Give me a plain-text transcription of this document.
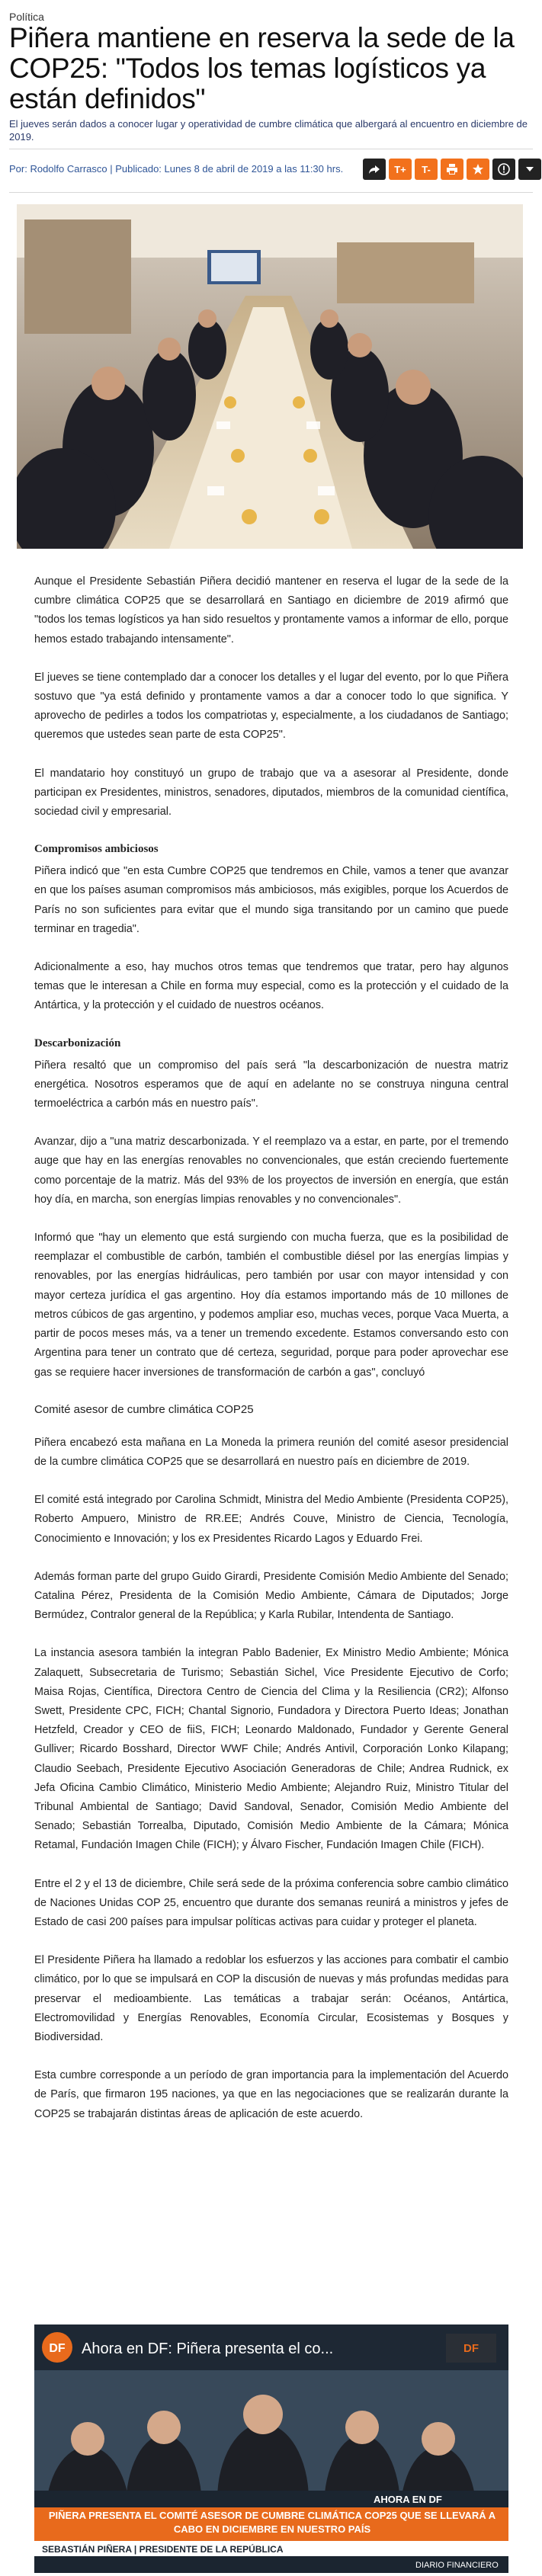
Política
Piñera mantiene en reserva la sede de la COP25: "Todos los temas logísticos ya están definidos"
El jueves serán dados a conocer lugar y operatividad de cumbre climática que albergará al encuentro en diciembre de 2019.
Por: Rodolfo Carrasco | Publicado: Lunes 8 de abril de 2019 a las 11:30 hrs.	T+	T-

Aunque el Presidente Sebastián Piñera decidió mantener en reserva el lugar de la sede de la cumbre climática COP25 que se desarrollará en Santiago en diciembre de 2019 afirmó que "todos los temas logísticos ya han sido resueltos y prontamente vamos a informar de ello, porque hemos estado trabajando intensamente".

El jueves se tiene contemplado dar a conocer los detalles y el lugar del evento, por lo que Piñera sostuvo que "ya está definido y prontamente vamos a dar a conocer todo lo que significa. Y aprovecho de pedirles a todos los compatriotas y, especialmente, a los ciudadanos de Santiago; queremos que ustedes sean parte de esta COP25".

El mandatario hoy constituyó un grupo de trabajo que va a asesorar al Presidente, donde participan ex Presidentes, ministros, senadores, diputados, miembros de la comunidad científica, sociedad civil y empresarial.

Compromisos ambiciosos

Piñera indicó que "en esta Cumbre COP25 que tendremos en Chile, vamos a tener que avanzar en que los países asuman compromisos más ambiciosos, más exigibles, porque los Acuerdos de París no son suficientes para evitar que el mundo siga transitando por un camino que puede terminar en tragedia".

Adicionalmente a eso, hay muchos otros temas que tendremos que tratar, pero hay algunos temas que le interesan a Chile en forma muy especial, como es la protección y el cuidado de la Antártica, y la protección y el cuidado de nuestros océanos.

Descarbonización

Piñera resaltó que un compromiso del país será "la descarbonización de nuestra matriz energética. Nosotros esperamos que de aquí en adelante no se construya ninguna central termoeléctrica a carbón más en nuestro país".

Avanzar, dijo a "una matriz descarbonizada. Y el reemplazo va a estar, en parte, por el tremendo auge que hay en las energías renovables no convencionales, que están creciendo fuertemente como porcentaje de la matriz. Más del 93% de los proyectos de inversión en energía, que están hoy día, en marcha, son energías limpias renovables y no convencionales".

Informó que "hay un elemento que está surgiendo con mucha fuerza, que es la posibilidad de reemplazar el combustible de carbón, también el combustible diésel por las energías limpias y renovables, por las energías hidráulicas, pero también por usar con mayor intensidad y con mayor certeza jurídica el gas argentino. Hoy día estamos importando más de 10 millones de metros cúbicos de gas argentino, y podemos ampliar eso, muchas veces, porque Vaca Muerta, a partir de pocos meses más, va a tener un tremendo excedente. Estamos conversando esto con Argentina para tener un contrato que dé certeza, seguridad, porque para poder aprovechar ese gas se requiere hacer inversiones de transformación de carbón a gas", concluyó

Comité asesor de cumbre climática COP25

Piñera encabezó esta mañana en La Moneda la primera reunión del comité asesor presidencial de la cumbre climática COP25 que se desarrollará en nuestro país en diciembre de 2019.

El comité está integrado por Carolina Schmidt, Ministra del Medio Ambiente (Presidenta COP25), Roberto Ampuero, Ministro de RR.EE; Andrés Couve, Ministro de Ciencia, Tecnología, Conocimiento e Innovación; y los ex Presidentes Ricardo Lagos y Eduardo Frei.

Además forman parte del grupo Guido Girardi, Presidente Comisión Medio Ambiente del Senado; Catalina Pérez, Presidenta de la Comisión Medio Ambiente, Cámara de Diputados; Jorge Bermúdez, Contralor general de la República; y Karla Rubilar, Intendenta de Santiago.

La instancia asesora también la integran Pablo Badenier, Ex Ministro Medio Ambiente; Mónica Zalaquett, Subsecretaria de Turismo; Sebastián Sichel, Vice Presidente Ejecutivo de Corfo; Maisa Rojas, Científica, Directora Centro de Ciencia del Clima y la Resiliencia (CR2); Alfonso Swett, Presidente CPC, FICH; Chantal Signorio, Fundadora y Directora Puerto Ideas; Jonathan Hetzfeld, Creador y CEO de fiiS, FICH; Leonardo Maldonado, Fundador y Gerente General Gulliver; Ricardo Bosshard, Director WWF Chile; Andrés Antivil, Corporación Lonko Kilapang; Claudio Seebach, Presidente Ejecutivo Asociación Generadoras de Chile; Andrea Rudnick, ex Jefa Oficina Cambio Climático, Ministerio Medio Ambiente; Alejandro Ruiz, Ministro Titular del Tribunal Ambiental de Santiago; David Sandoval, Senador, Comisión Medio Ambiente del Senado; Sebastián Torrealba, Diputado, Comisión Medio Ambiente de la Cámara; Mónica Retamal, Fundación Imagen Chile (FICH); y Álvaro Fischer, Fundación Imagen Chile (FICH).

Entre el 2 y el 13 de diciembre, Chile será sede de la próxima conferencia sobre cambio climático de Naciones Unidas COP 25, encuentro que durante dos semanas reunirá a ministros y jefes de Estado de casi 200 países para impulsar políticas activas para cuidar y proteger el planeta.

El Presidente Piñera ha llamado a redoblar los esfuerzos y las acciones para combatir el cambio climático, por lo que se impulsará en COP la discusión de nuevas y más profundas medidas para preservar el medioambiente. Las temáticas a trabajar serán: Océanos, Antártica, Electromovilidad y Energías Renovables, Economía Circular, Ecosistemas y Bosques y Biodiversidad.

Esta cumbre corresponde a un período de gran importancia para la implementación del Acuerdo de París, que firmaron 195 naciones, ya que en las negociaciones que se realizarán durante la COP25 se trabajarán distintas áreas de aplicación de este acuerdo.

DF Ahora en DF: Piñera presenta el co...	DF
AHORA EN DF
PIÑERA PRESENTA EL COMITÉ ASESOR DE CUMBRE CLIMÁTICA COP25 QUE SE LLEVARÁ A CABO EN DICIEMBRE EN NUESTRO PAÍS
SEBASTIÁN PIÑERA | PRESIDENTE DE LA REPÚBLICA
DIARIO FINANCIERO
